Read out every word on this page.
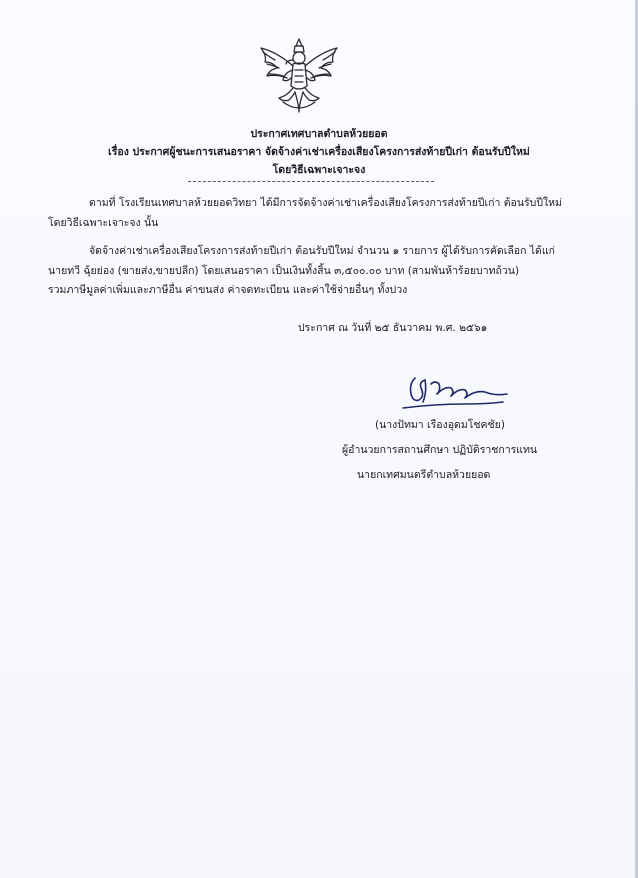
ประกาศเทศบาลตำบลห้วยยอด
เรื่อง ประกาศผู้ชนะการเสนอราคา จัดจ้างค่าเช่าเครื่องเสียงโครงการส่งท้ายปีเก่า ต้อนรับปีใหม่
โดยวิธีเฉพาะเจาะจง
ตามที่ โรงเรียนเทศบาลห้วยยอดวิทยา ได้มีการจัดจ้างค่าเช่าเครื่องเสียงโครงการส่งท้ายปีเก่า ต้อนรับปีใหม่
โดยวิธีเฉพาะเจาะจง นั้น
จัดจ้างค่าเช่าเครื่องเสียงโครงการส่งท้ายปีเก่า ต้อนรับปีใหม่ จำนวน ๑ รายการ ผู้ได้รับการคัดเลือก ได้แก่
นายทวี ฉุ้ยย่อง (ขายส่ง,ขายปลีก) โดยเสนอราคา เป็นเงินทั้งสิ้น ๓,๕๐๐.๐๐ บาท (สามพันห้าร้อยบาทถ้วน)
รวมภาษีมูลค่าเพิ่มและภาษีอื่น ค่าขนส่ง ค่าจดทะเบียน และค่าใช้จ่ายอื่นๆ ทั้งปวง
ประกาศ ณ วันที่ ๒๕ ธันวาคม พ.ศ. ๒๕๖๑
(นางปัทมา เรืองอุดมโชคชัย)
ผู้อำนวยการสถานศึกษา ปฏิบัติราชการแทน
นายกเทศมนตรีตำบลห้วยยอด
